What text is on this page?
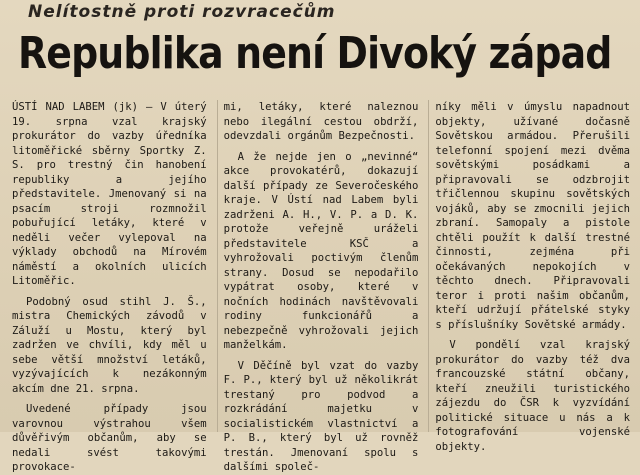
Nelítostně proti rozvracečům
Republika není Divoký západ

ÚSTÍ NAD LABEM (jk) — V úterý 19. srpna vzal krajský prokurátor do vazby úředníka litoměřické sběrny Sportky Z. S. pro trestný čin hanobení republiky a jejího představitele. Jmenovaný si na psacím stroji rozmnožil pobuřující letáky, které v neděli večer vylepoval na výklady obchodů na Mírovém náměstí a okolních ulicích Litoměřic.

Podobný osud stihl J. Š., mistra Chemických závodů v Záluží u Mostu, který byl zadržen ve chvíli, kdy měl u sebe větší množství letáků, vyzývajících k nezákonným akcím dne 21. srpna.

Uvedené případy jsou varovnou výstrahou všem důvěřivým občanům, aby se nedali svést takovými provokace-

mi, letáky, které naleznou nebo ilegální cestou obdrží, odevzdali orgánům Bezpečnosti.

A že nejde jen o „nevinné“ akce provokatérů, dokazují další případy ze Severočeského kraje. V Ústí nad Labem byli zadrženi A. H., V. P. a D. K. protože veřejně uráželi představitele KSČ a vyhrožovali poctivým členům strany. Dosud se nepodařilo vypátrat osoby, které v nočních hodinách navštěvovali rodiny funkcionářů a nebezpečně vyhrožovali jejich manželkám.

V Děčíně byl vzat do vazby F. P., který byl už několikrát trestaný pro podvod a rozkrádání majetku v socialistickém vlastnictví a P. B., který byl už rovněž trestán. Jmenovaní spolu s dalšími společ-

níky měli v úmyslu napadnout objekty, užívané dočasně Sovětskou armádou. Přerušili telefonní spojení mezi dvěma sovětskými posádkami a připravovali se odzbrojit třičlennou skupinu sovětských vojáků, aby se zmocnili jejich zbraní. Samopaly a pistole chtěli použít k další trestné činnosti, zejména při očekávaných nepokojích v těchto dnech. Připravovali teror i proti našim občanům, kteří udržují přátelské styky s příslušníky Sovětské armády.

V pondělí vzal krajský prokurátor do vazby též dva francouzské státní občany, kteří zneužili turistického zájezdu do ČSR k vyzvídání politické situace u nás a k fotografování vojenské objekty.
